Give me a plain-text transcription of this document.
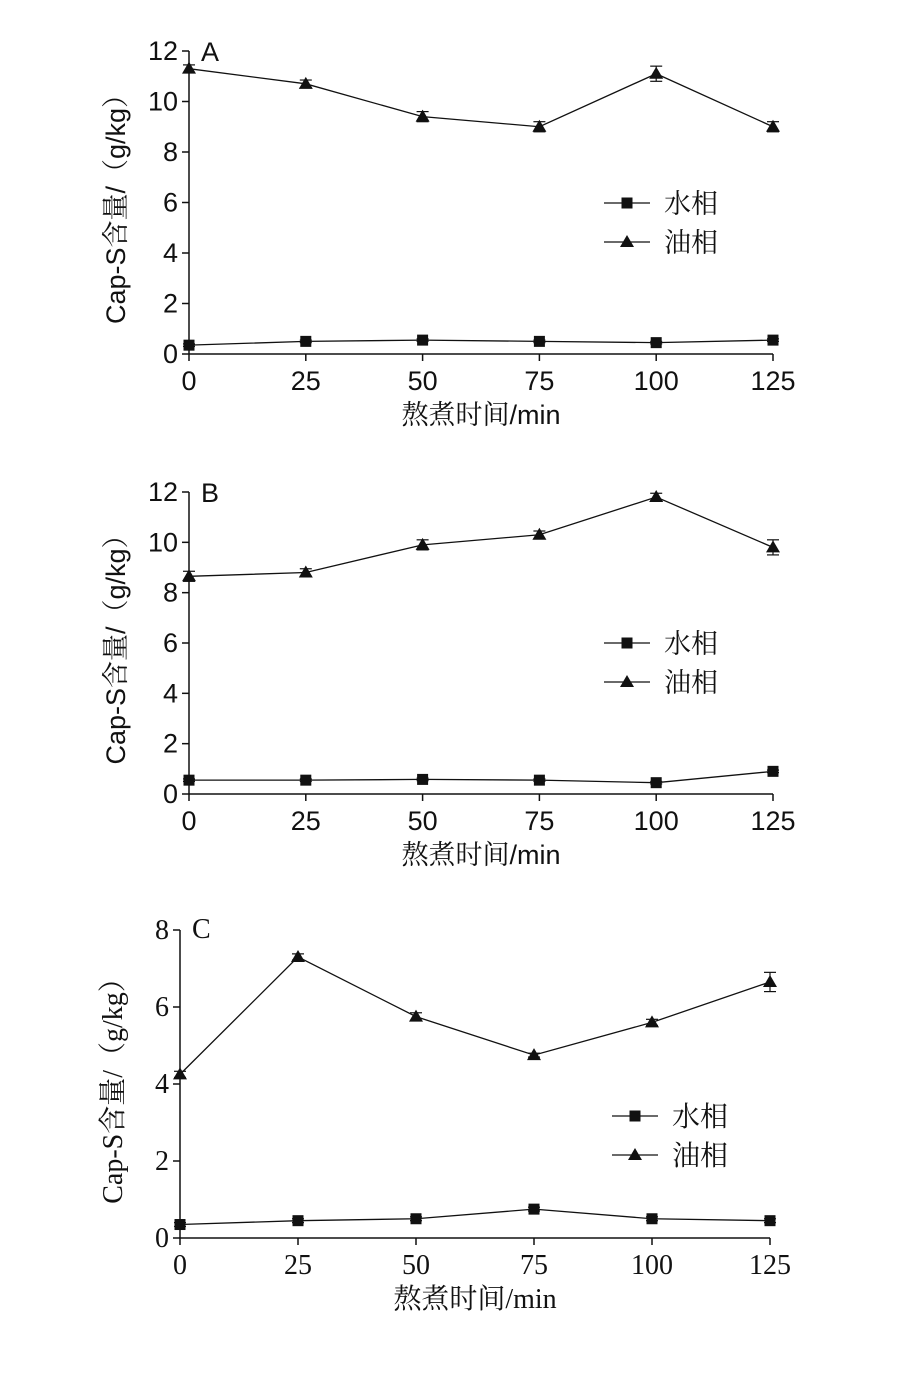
0
2
4
6
8
10
12
0	25	50	75	100	125
A
熬煮时间/min
Cap-S含量/（g/kg）	水相
油相
0
2
4
6
8
10
12
0	25	50	75	100	125
B
熬煮时间/min
Cap-S含量/（g/kg）	水相
油相
0
2
4
6
8
0	25	50	75	100	125
C
熬煮时间/min
Cap-S含量/（g/kg）	水相
油相
